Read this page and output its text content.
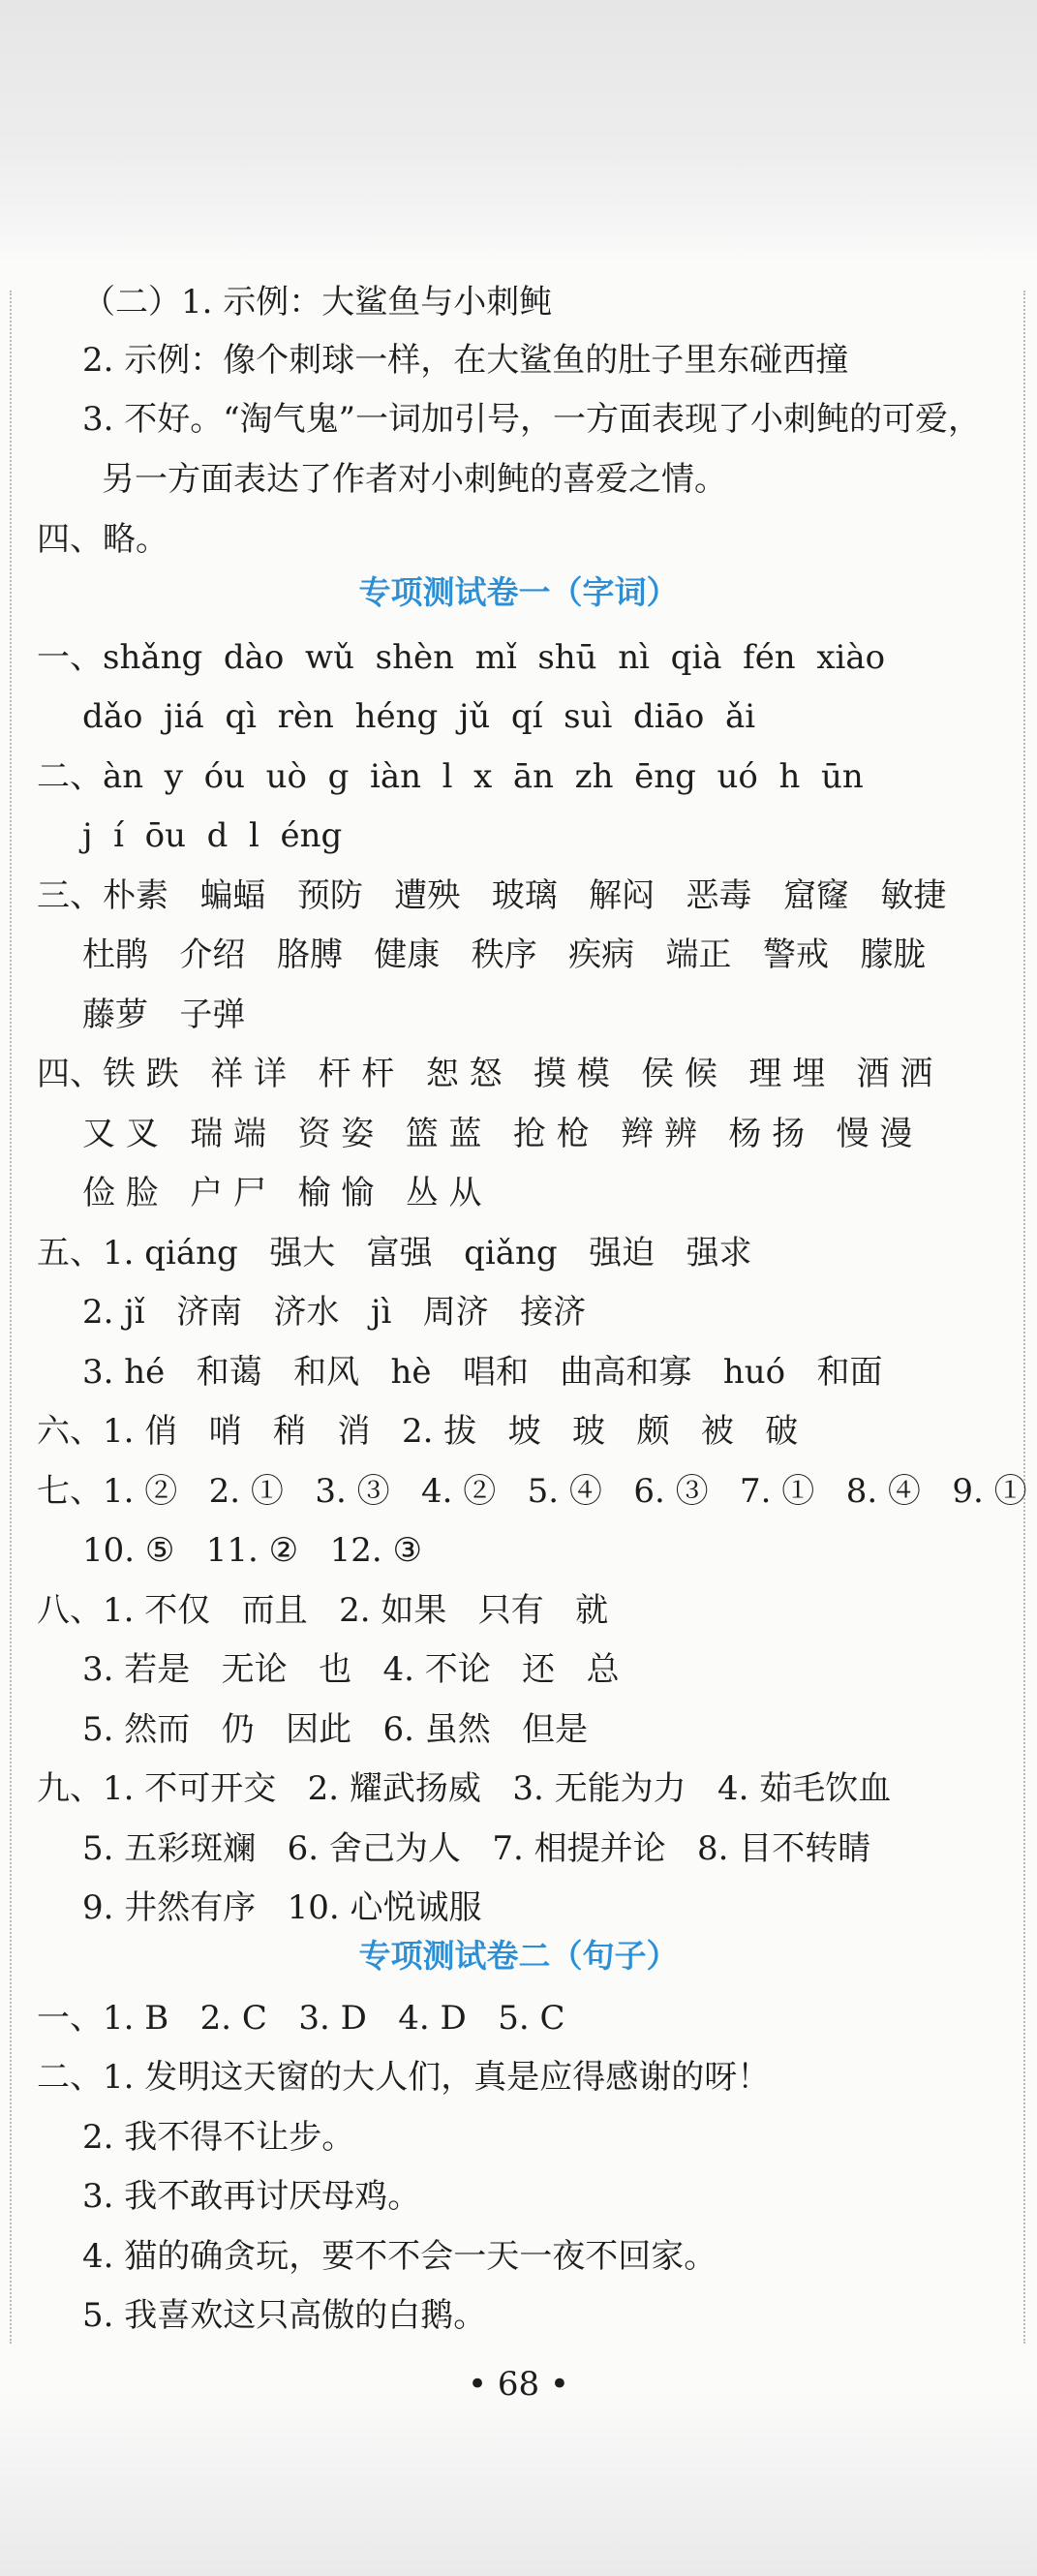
（二）1. 示例：大鲨鱼与小刺鲀
2. 示例：像个刺球一样，在大鲨鱼的肚子里东碰西撞
3. 不好。“淘气鬼”一词加引号，一方面表现了小刺鲀的可爱，
另一方面表达了作者对小刺鲀的喜爱之情。
四、略。
专项测试卷一（字词）
一、shǎng  dào  wǔ  shèn  mǐ  shū  nì  qià  fén  xiào
dǎo  jiá  qì  rèn  héng  jǔ  qí  suì  diāo  ǎi
二、àn  y  óu  uò  g  iàn  l  x  ān  zh  ēng  uó  h  ūn
j  í  ōu  d  l  éng
三、朴素   蝙蝠   预防   遭殃   玻璃   解闷   恶毒   窟窿   敏捷
杜鹃   介绍   胳膊   健康   秩序   疾病   端正   警戒   朦胧
藤萝   子弹
四、铁 跌   祥 详   杆 杆   恕 怒   摸 模   侯 候   理 埋   酒 洒
又 叉   瑞 端   资 姿   篮 蓝   抢 枪   辫 辨   杨 扬   慢 漫
俭 脸   户 尸   榆 愉   丛 从
五、1. qiáng   强大   富强   qiǎng   强迫   强求
2. jǐ   济南   济水   jì   周济   接济
3. hé   和蔼   和风   hè   唱和   曲高和寡   huó   和面
六、1. 俏   哨   稍   消   2. 拔   坡   玻   颇   被   破
七、1. ②   2. ①   3. ③   4. ②   5. ④   6. ③   7. ①   8. ④   9. ①
10. ⑤   11. ②   12. ③
八、1. 不仅   而且   2. 如果   只有   就
3. 若是   无论   也   4. 不论   还   总
5. 然而   仍   因此   6. 虽然   但是
九、1. 不可开交   2. 耀武扬威   3. 无能为力   4. 茹毛饮血
5. 五彩斑斓   6. 舍己为人   7. 相提并论   8. 目不转睛
9. 井然有序   10. 心悦诚服
专项测试卷二（句子）
一、1. B   2. C   3. D   4. D   5. C
二、1. 发明这天窗的大人们，真是应得感谢的呀！
2. 我不得不让步。
3. 我不敢再讨厌母鸡。
4. 猫的确贪玩，要不不会一天一夜不回家。
5. 我喜欢这只高傲的白鹅。
• 68 •
